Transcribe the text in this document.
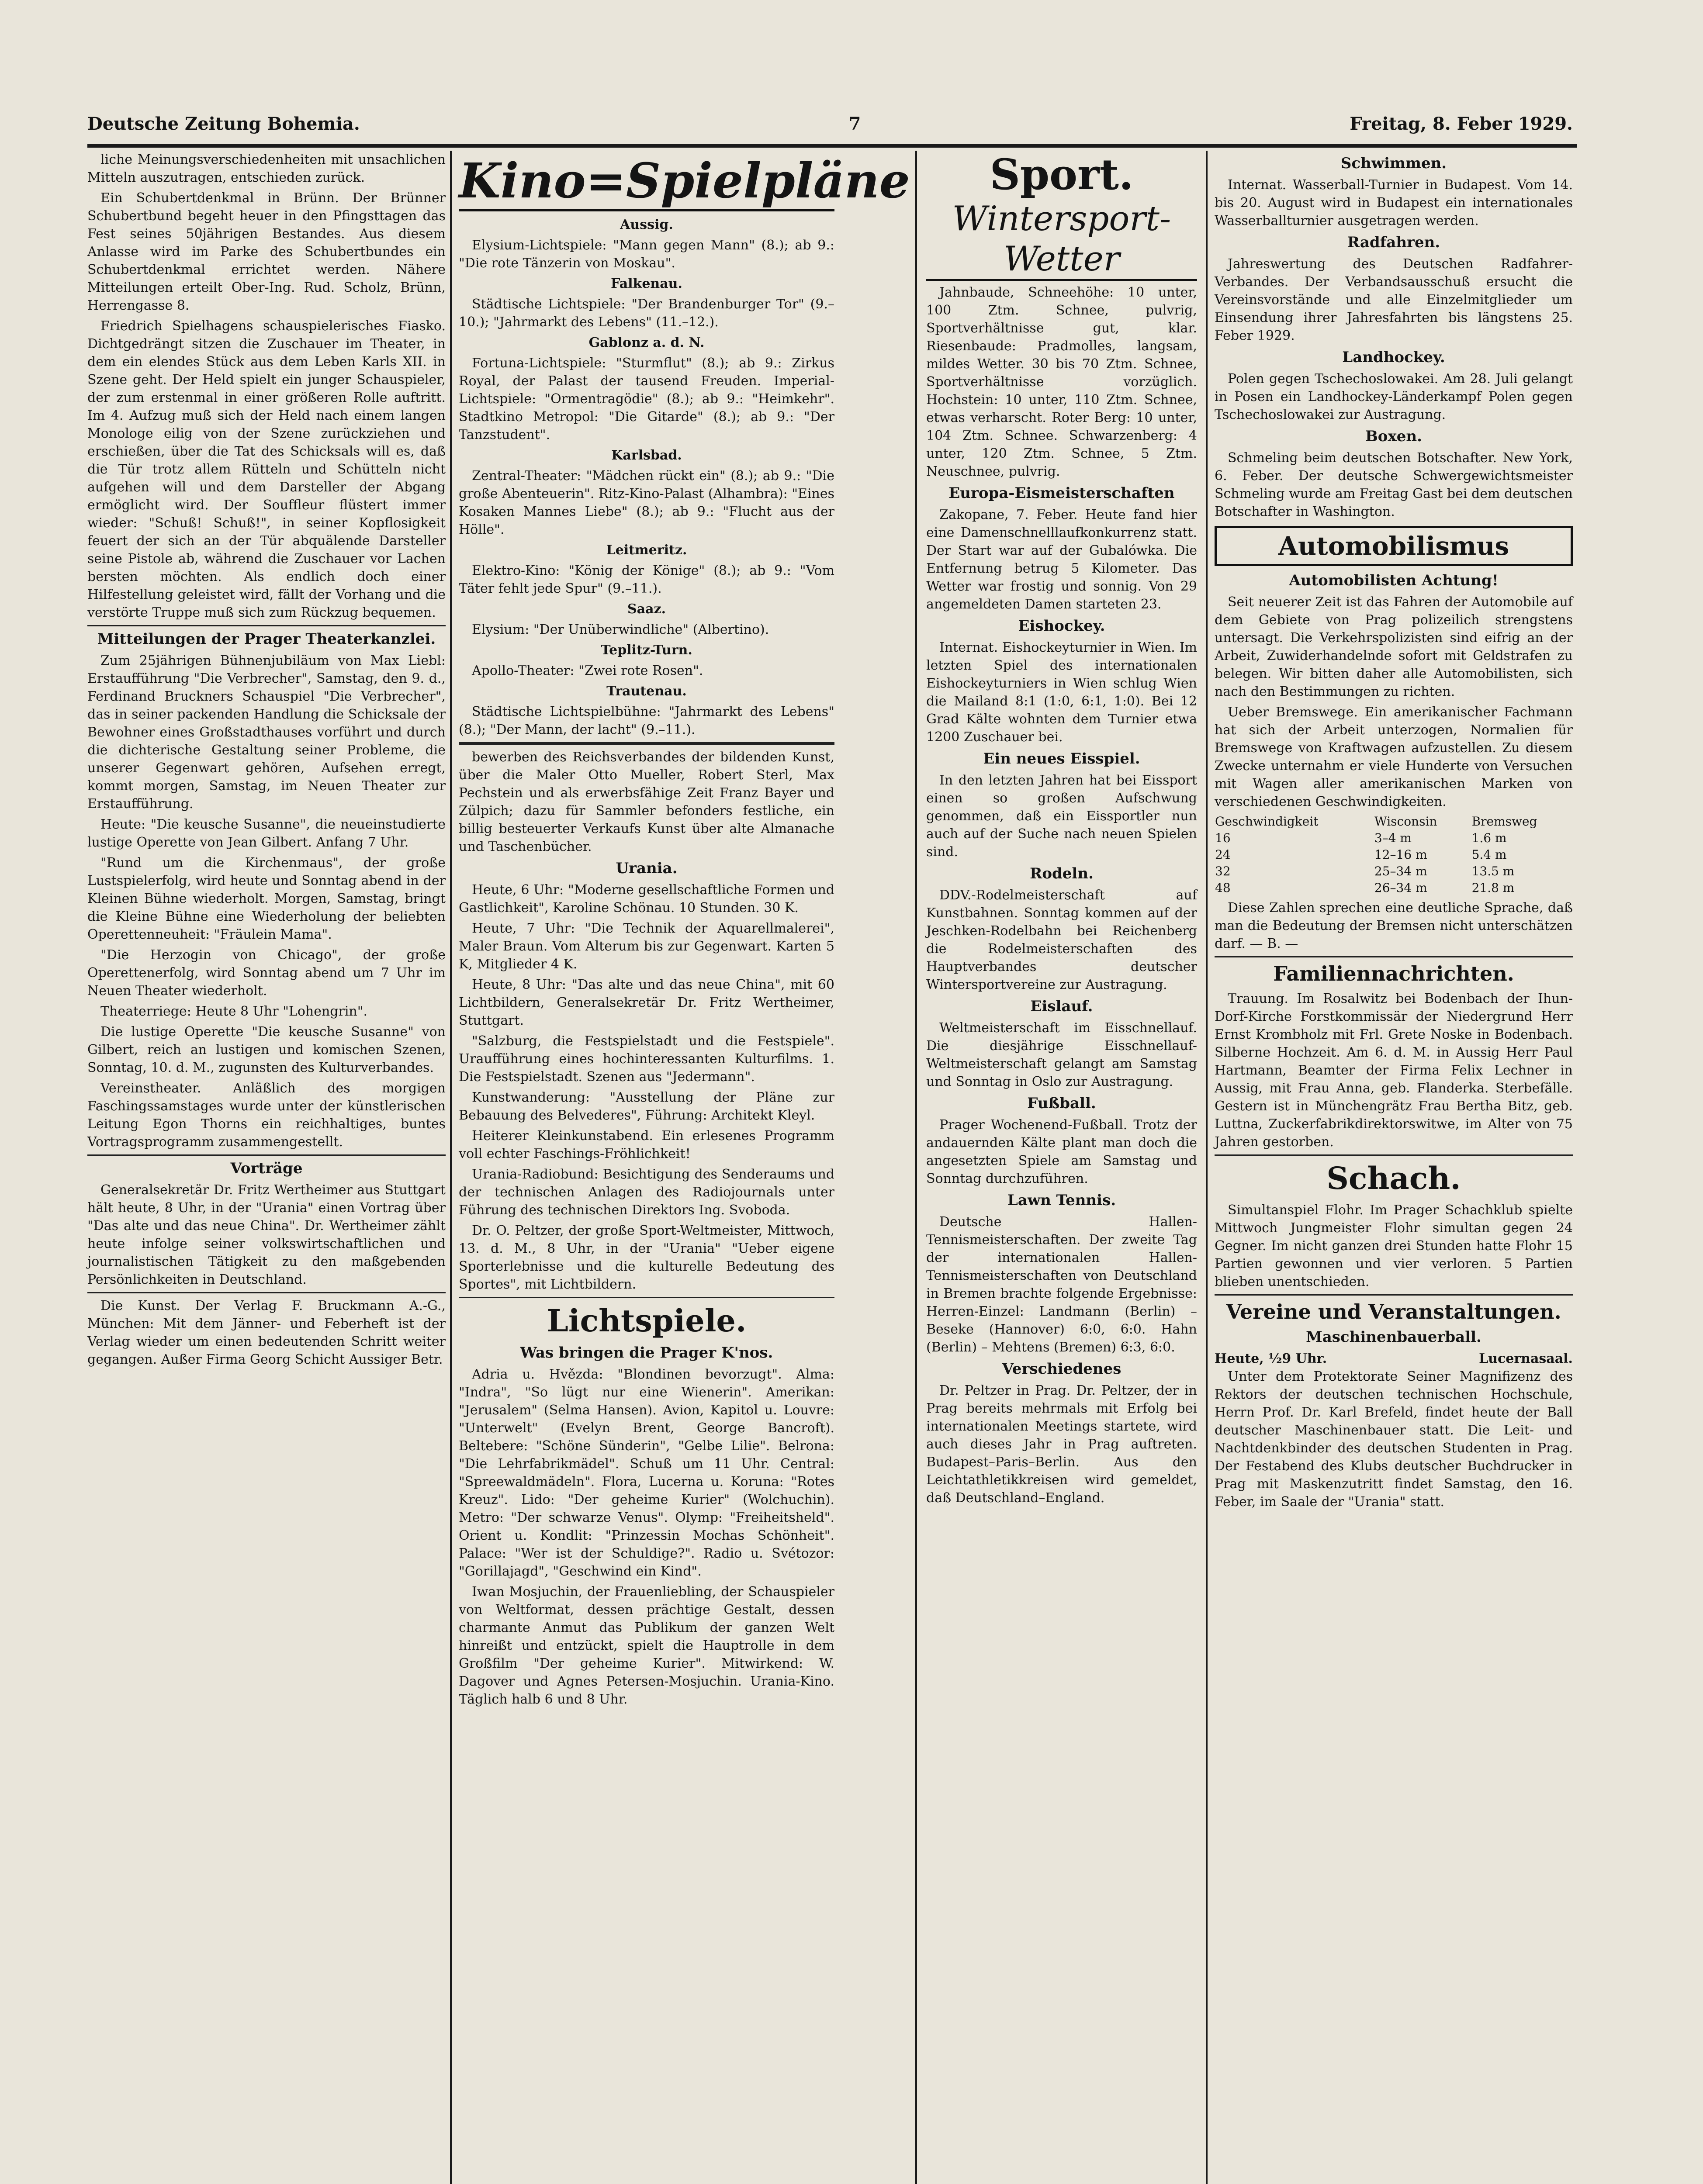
Deutsche Zeitung Bohemia.	7	Freitag, 8. Feber 1929.

liche Meinungsverschiedenheiten mit unsachlichen Mitteln auszutragen, entschieden zurück.

Ein Schubertdenkmal in Brünn. Der Brünner Schubertbund begeht heuer in den Pfingsttagen das Fest seines 50jährigen Bestandes. Aus diesem Anlasse wird im Parke des Schubertbundes ein Schubertdenkmal errichtet werden. Nähere Mitteilungen erteilt Ober-Ing. Rud. Scholz, Brünn, Herrengasse 8.

Friedrich Spielhagens schauspielerisches Fiasko. Dichtgedrängt sitzen die Zuschauer im Theater, in dem ein elendes Stück aus dem Leben Karls XII. in Szene geht. Der Held spielt ein junger Schauspieler, der zum erstenmal in einer größeren Rolle auftritt. Im 4. Aufzug muß sich der Held nach einem langen Monologe eilig von der Szene zurückziehen und erschießen, über die Tat des Schicksals will es, daß die Tür trotz allem Rütteln und Schütteln nicht aufgehen will und dem Darsteller der Abgang ermöglicht wird. Der Souffleur flüstert immer wieder: "Schuß! Schuß!", in seiner Kopflosigkeit feuert der sich an der Tür abquälende Darsteller seine Pistole ab, während die Zuschauer vor Lachen bersten möchten. Als endlich doch einer Hilfestellung geleistet wird, fällt der Vorhang und die verstörte Truppe muß sich zum Rückzug bequemen.

Mitteilungen der Prager Theaterkanzlei.

Zum 25jährigen Bühnenjubiläum von Max Liebl: Erstaufführung "Die Verbrecher", Samstag, den 9. d., Ferdinand Bruckners Schauspiel "Die Verbrecher", das in seiner packenden Handlung die Schicksale der Bewohner eines Großstadthauses vorführt und durch die dichterische Gestaltung seiner Probleme, die unserer Gegenwart gehören, Aufsehen erregt, kommt morgen, Samstag, im Neuen Theater zur Erstaufführung.

Heute: "Die keusche Susanne", die neueinstudierte lustige Operette von Jean Gilbert. Anfang 7 Uhr.

"Rund um die Kirchenmaus", der große Lustspielerfolg, wird heute und Sonntag abend in der Kleinen Bühne wiederholt. Morgen, Samstag, bringt die Kleine Bühne eine Wiederholung der beliebten Operettenneuheit: "Fräulein Mama".

"Die Herzogin von Chicago", der große Operettenerfolg, wird Sonntag abend um 7 Uhr im Neuen Theater wiederholt.

Theaterriege: Heute 8 Uhr "Lohengrin".

Die lustige Operette "Die keusche Susanne" von Gilbert, reich an lustigen und komischen Szenen, Sonntag, 10. d. M., zugunsten des Kulturverbandes.

Vereinstheater. Anläßlich des morgigen Faschingssamstages wurde unter der künstlerischen Leitung Egon Thorns ein reichhaltiges, buntes Vortragsprogramm zusammengestellt.

Vorträge

Generalsekretär Dr. Fritz Wertheimer aus Stuttgart hält heute, 8 Uhr, in der "Urania" einen Vortrag über "Das alte und das neue China". Dr. Wertheimer zählt heute infolge seiner volkswirtschaftlichen und journalistischen Tätigkeit zu den maßgebenden Persönlichkeiten in Deutschland.

Die Kunst. Der Verlag F. Bruckmann A.-G., München: Mit dem Jänner- und Feberheft ist der Verlag wieder um einen bedeutenden Schritt weiter gegangen. Außer Firma Georg Schicht Aussiger Betr.

Kino=Spielpläne
Aussig.

Elysium-Lichtspiele: "Mann gegen Mann" (8.); ab 9.: "Die rote Tänzerin von Moskau".

Falkenau.

Städtische Lichtspiele: "Der Brandenburger Tor" (9.–10.); "Jahrmarkt des Lebens" (11.–12.).

Gablonz a. d. N.

Fortuna-Lichtspiele: "Sturmflut" (8.); ab 9.: Zirkus Royal, der Palast der tausend Freuden. Imperial-Lichtspiele: "Ormentragödie" (8.); ab 9.: "Heimkehr". Stadtkino Metropol: "Die Gitarde" (8.); ab 9.: "Der Tanzstudent".

Karlsbad.

Zentral-Theater: "Mädchen rückt ein" (8.); ab 9.: "Die große Abenteuerin". Ritz-Kino-Palast (Alhambra): "Eines Kosaken Mannes Liebe" (8.); ab 9.: "Flucht aus der Hölle".

Leitmeritz.

Elektro-Kino: "König der Könige" (8.); ab 9.: "Vom Täter fehlt jede Spur" (9.–11.).

Saaz.

Elysium: "Der Unüberwindliche" (Albertino).

Teplitz-Turn.

Apollo-Theater: "Zwei rote Rosen".

Trautenau.

Städtische Lichtspielbühne: "Jahrmarkt des Lebens" (8.); "Der Mann, der lacht" (9.–11.).

bewerben des Reichsverbandes der bildenden Kunst, über die Maler Otto Mueller, Robert Sterl, Max Pechstein und als erwerbsfähige Zeit Franz Bayer und Zülpich; dazu für Sammler befonders festliche, ein billig besteuerter Verkaufs Kunst über alte Almanache und Taschenbücher.

Urania.

Heute, 6 Uhr: "Moderne gesellschaftliche Formen und Gastlichkeit", Karoline Schönau. 10 Stunden. 30 K.

Heute, 7 Uhr: "Die Technik der Aquarellmalerei", Maler Braun. Vom Alterum bis zur Gegenwart. Karten 5 K, Mitglieder 4 K.

Heute, 8 Uhr: "Das alte und das neue China", mit 60 Lichtbildern, Generalsekretär Dr. Fritz Wertheimer, Stuttgart.

"Salzburg, die Festspielstadt und die Festspiele". Uraufführung eines hochinteressanten Kulturfilms. 1. Die Festspielstadt. Szenen aus "Jedermann".

Kunstwanderung: "Ausstellung der Pläne zur Bebauung des Belvederes", Führung: Architekt Kleyl.

Heiterer Kleinkunstabend. Ein erlesenes Programm voll echter Faschings-Fröhlichkeit!

Urania-Radiobund: Besichtigung des Senderaums und der technischen Anlagen des Radiojournals unter Führung des technischen Direktors Ing. Svoboda.

Dr. O. Peltzer, der große Sport-Weltmeister, Mittwoch, 13. d. M., 8 Uhr, in der "Urania" "Ueber eigene Sporterlebnisse und die kulturelle Bedeutung des Sportes", mit Lichtbildern.

Lichtspiele.
Was bringen die Prager K'nos.

Adria u. Hvězda: "Blondinen bevorzugt". Alma: "Indra", "So lügt nur eine Wienerin". Amerikan: "Jerusalem" (Selma Hansen). Avion, Kapitol u. Louvre: "Unterwelt" (Evelyn Brent, George Bancroft). Beltebere: "Schöne Sünderin", "Gelbe Lilie". Belrona: "Die Lehrfabrikmädel". Schuß um 11 Uhr. Central: "Spreewaldmädeln". Flora, Lucerna u. Koruna: "Rotes Kreuz". Lido: "Der geheime Kurier" (Wolchuchin). Metro: "Der schwarze Venus". Olymp: "Freiheitsheld". Orient u. Kondlit: "Prinzessin Mochas Schönheit". Palace: "Wer ist der Schuldige?". Radio u. Svétozor: "Gorillajagd", "Geschwind ein Kind".

Iwan Mosjuchin, der Frauenliebling, der Schauspieler von Weltformat, dessen prächtige Gestalt, dessen charmante Anmut das Publikum der ganzen Welt hinreißt und entzückt, spielt die Hauptrolle in dem Großfilm "Der geheime Kurier". Mitwirkend: W. Dagover und Agnes Petersen-Mosjuchin. Urania-Kino. Täglich halb 6 und 8 Uhr.

Sport.
Wintersport-Wetter

Jahnbaude, Schneehöhe: 10 unter, 100 Ztm. Schnee, pulvrig, Sportverhältnisse gut, klar. Riesenbaude: Pradmolles, langsam, mildes Wetter. 30 bis 70 Ztm. Schnee, Sportverhältnisse vorzüglich. Hochstein: 10 unter, 110 Ztm. Schnee, etwas verharscht. Roter Berg: 10 unter, 104 Ztm. Schnee. Schwarzenberg: 4 unter, 120 Ztm. Schnee, 5 Ztm. Neuschnee, pulvrig.

Europa-Eismeisterschaften

Zakopane, 7. Feber. Heute fand hier eine Damenschnelllaufkonkurrenz statt. Der Start war auf der Gubalówka. Die Entfernung betrug 5 Kilometer. Das Wetter war frostig und sonnig. Von 29 angemeldeten Damen starteten 23.

Eishockey.

Internat. Eishockeyturnier in Wien. Im letzten Spiel des internationalen Eishockeyturniers in Wien schlug Wien die Mailand 8:1 (1:0, 6:1, 1:0). Bei 12 Grad Kälte wohnten dem Turnier etwa 1200 Zuschauer bei.

Ein neues Eisspiel.

In den letzten Jahren hat bei Eissport einen so großen Aufschwung genommen, daß ein Eissportler nun auch auf der Suche nach neuen Spielen sind.

Rodeln.

DDV.-Rodelmeisterschaft auf Kunstbahnen. Sonntag kommen auf der Jeschken-Rodelbahn bei Reichenberg die Rodelmeisterschaften des Hauptverbandes deutscher Wintersportvereine zur Austragung.

Eislauf.

Weltmeisterschaft im Eisschnellauf. Die diesjährige Eisschnellauf-Weltmeisterschaft gelangt am Samstag und Sonntag in Oslo zur Austragung.

Fußball.

Prager Wochenend-Fußball. Trotz der andauernden Kälte plant man doch die angesetzten Spiele am Samstag und Sonntag durchzuführen.

Lawn Tennis.

Deutsche Hallen-Tennismeisterschaften. Der zweite Tag der internationalen Hallen-Tennismeisterschaften von Deutschland in Bremen brachte folgende Ergebnisse: Herren-Einzel: Landmann (Berlin) – Beseke (Hannover) 6:0, 6:0. Hahn (Berlin) – Mehtens (Bremen) 6:3, 6:0.

Verschiedenes

Dr. Peltzer in Prag. Dr. Peltzer, der in Prag bereits mehrmals mit Erfolg bei internationalen Meetings startete, wird auch dieses Jahr in Prag auftreten. Budapest–Paris–Berlin. Aus den Leichtathletikkreisen wird gemeldet, daß Deutschland–England.

Schwimmen.

Internat. Wasserball-Turnier in Budapest. Vom 14. bis 20. August wird in Budapest ein internationales Wasserballturnier ausgetragen werden.

Radfahren.

Jahreswertung des Deutschen Radfahrer-Verbandes. Der Verbandsausschuß ersucht die Vereinsvorstände und alle Einzelmitglieder um Einsendung ihrer Jahresfahrten bis längstens 25. Feber 1929.

Landhockey.

Polen gegen Tschechoslowakei. Am 28. Juli gelangt in Posen ein Landhockey-Länderkampf Polen gegen Tschechoslowakei zur Austragung.

Boxen.

Schmeling beim deutschen Botschafter. New York, 6. Feber. Der deutsche Schwergewichtsmeister Schmeling wurde am Freitag Gast bei dem deutschen Botschafter in Washington.

Automobilismus
Automobilisten Achtung!

Seit neuerer Zeit ist das Fahren der Automobile auf dem Gebiete von Prag polizeilich strengstens untersagt. Die Verkehrspolizisten sind eifrig an der Arbeit, Zuwiderhandelnde sofort mit Geldstrafen zu belegen. Wir bitten daher alle Automobilisten, sich nach den Bestimmungen zu richten.

Ueber Bremswege. Ein amerikanischer Fachmann hat sich der Arbeit unterzogen, Normalien für Bremswege von Kraftwagen aufzustellen. Zu diesem Zwecke unternahm er viele Hunderte von Versuchen mit Wagen aller amerikanischen Marken von verschiedenen Geschwindigkeiten.

Geschwindigkeit	Wisconsin	Bremsweg
16	3–4 m	1.6 m
24	12–16 m	5.4 m
32	25–34 m	13.5 m
48	26–34 m	21.8 m

Diese Zahlen sprechen eine deutliche Sprache, daß man die Bedeutung der Bremsen nicht unterschätzen darf. — B. —

Familiennachrichten.

Trauung. Im Rosalwitz bei Bodenbach der Ihun-Dorf-Kirche Forstkommissär der Niedergrund Herr Ernst Krombholz mit Frl. Grete Noske in Bodenbach. Silberne Hochzeit. Am 6. d. M. in Aussig Herr Paul Hartmann, Beamter der Firma Felix Lechner in Aussig, mit Frau Anna, geb. Flanderka. Sterbefälle. Gestern ist in Münchengrätz Frau Bertha Bitz, geb. Luttna, Zuckerfabrikdirektorswitwe, im Alter von 75 Jahren gestorben.

Schach.

Simultanspiel Flohr. Im Prager Schachklub spielte Mittwoch Jungmeister Flohr simultan gegen 24 Gegner. Im nicht ganzen drei Stunden hatte Flohr 15 Partien gewonnen und vier verloren. 5 Partien blieben unentschieden.

Vereine und Veranstaltungen.
Maschinenbauerball.
Heute, ½9 Uhr.	Lucernasaal.

Unter dem Protektorate Seiner Magnifizenz des Rektors der deutschen technischen Hochschule, Herrn Prof. Dr. Karl Brefeld, findet heute der Ball deutscher Maschinenbauer statt. Die Leit- und Nachtdenkbinder des deutschen Studenten in Prag. Der Festabend des Klubs deutscher Buchdrucker in Prag mit Maskenzutritt findet Samstag, den 16. Feber, im Saale der "Urania" statt.
